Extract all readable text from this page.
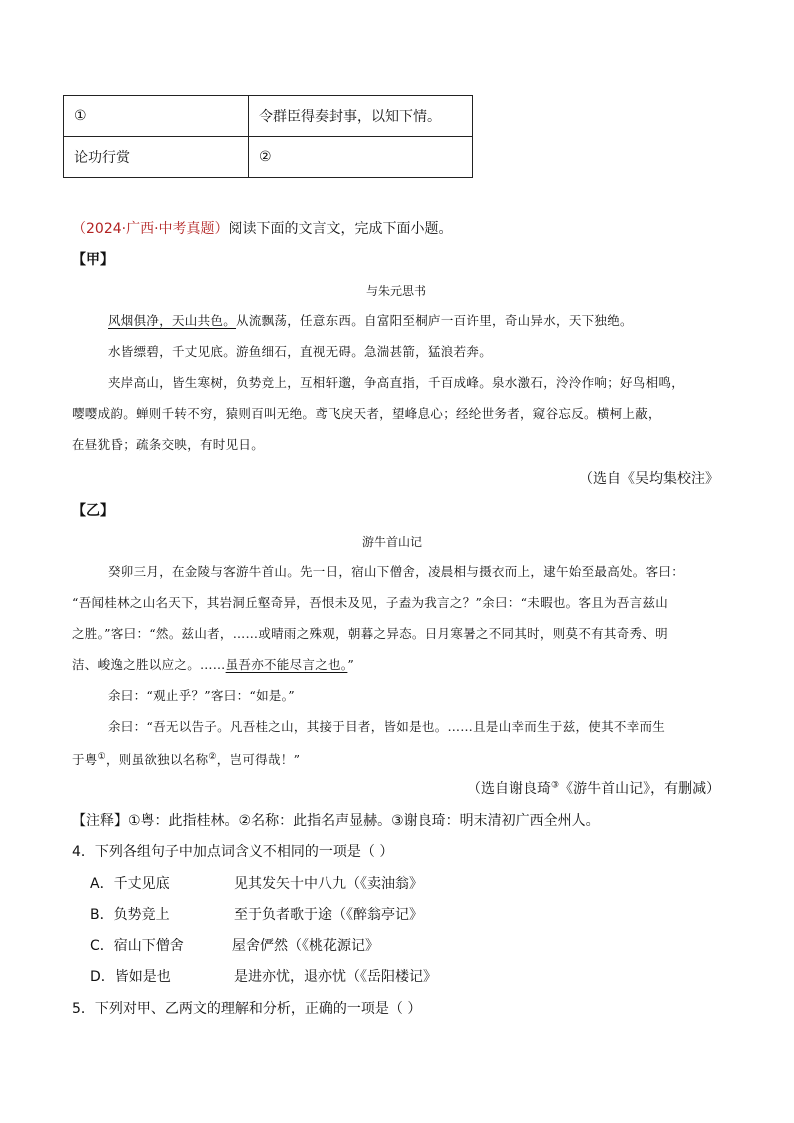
①	令群臣得奏封事，以知下情。
论功行赏	②
（2024·广西·中考真题）阅读下面的文言文，完成下面小题。
【甲】
与朱元思书
风烟俱净，天山共色。从流飘荡，任意东西。自富阳至桐庐一百许里，奇山异水，天下独绝。
水皆缥碧，千丈见底。游鱼细石，直视无碍。急湍甚箭，猛浪若奔。
夹岸高山，皆生寒树，负势竞上，互相轩邈，争高直指，千百成峰。泉水激石，泠泠作响；好鸟相鸣，
嘤嘤成韵。蝉则千转不穷，猿则百叫无绝。鸢飞戾天者，望峰息心；经纶世务者，窥谷忘反。横柯上蔽，
在昼犹昏；疏条交映，有时见日。
（选自《吴均集校注》
【乙】
游牛首山记
癸卯三月，在金陵与客游牛首山。先一日，宿山下僧舍，凌晨相与摄衣而上，逮午始至最高处。客曰：
“吾闻桂林之山名天下，其岩洞丘壑奇异，吾恨未及见，子盍为我言之？”余曰：“未暇也。客且为吾言兹山
之胜。”客曰：“然。兹山者，……或晴雨之殊观，朝暮之异态。日月寒暑之不同其时，则莫不有其奇秀、明
洁、峻逸之胜以应之。……虽吾亦不能尽言之也。”
余曰：“观止乎？”客曰：“如是。”
余曰：“吾无以告子。凡吾桂之山，其接于目者，皆如是也。……且是山幸而生于兹，使其不幸而生
于粤①，则虽欲独以名称②，岂可得哉！”
（选自谢良琦③《游牛首山记》，有删减）
【注释】①粤：此指桂林。②名称：此指名声显赫。③谢良琦：明末清初广西全州人。
4．下列各组句子中加点词含义不相同的一项是（ ）
A．千丈见底	见其发矢十中八九（《卖油翁》
B．负势竞上	至于负者歌于途（《醉翁亭记》
C．宿山下僧舍	屋舍俨然（《桃花源记》
D．皆如是也	是进亦忧，退亦忧（《岳阳楼记》
5．下列对甲、乙两文的理解和分析，正确的一项是（ ）
